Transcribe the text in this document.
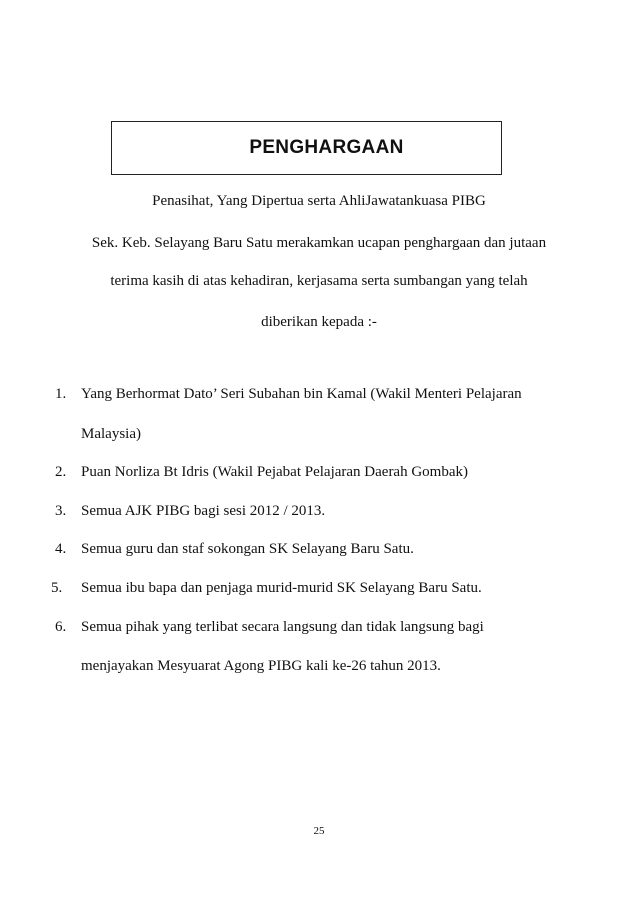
PENGHARGAAN
Penasihat, Yang Dipertua serta AhliJawatankuasa PIBG
Sek. Keb. Selayang Baru Satu merakamkan ucapan penghargaan dan jutaan
terima kasih di atas kehadiran, kerjasama serta sumbangan yang telah
diberikan kepada :-
1. Yang Berhormat Dato’ Seri Subahan bin Kamal (Wakil Menteri Pelajaran
Malaysia)
2. Puan Norliza Bt Idris (Wakil Pejabat Pelajaran Daerah Gombak)
3. Semua AJK PIBG bagi sesi 2012 / 2013.
4. Semua guru dan staf sokongan SK Selayang Baru Satu.
5. Semua ibu bapa dan penjaga murid-murid SK Selayang Baru Satu.
6. Semua pihak yang terlibat secara langsung dan tidak langsung bagi
menjayakan Mesyuarat Agong PIBG kali ke-26 tahun 2013.
25
